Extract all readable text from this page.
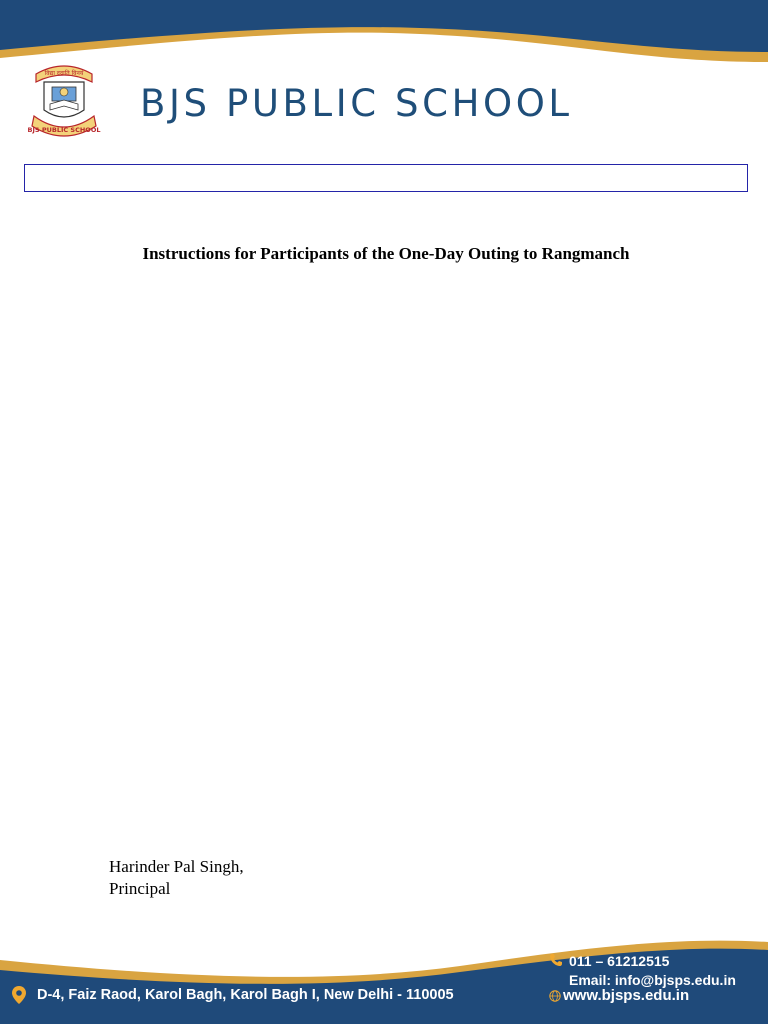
विद्या ददाति विनयं
BJS PUBLIC SCHOOL
BJS PUBLIC SCHOOL
Instructions for Participants of the One-Day Outing to Rangmanch
Harinder Pal Singh,
Principal
D-4, Faiz Raod, Karol Bagh, Karol Bagh I, New Delhi - 110005
011 – 61212515
Email: info@bjsps.edu.in
www.bjsps.edu.in
